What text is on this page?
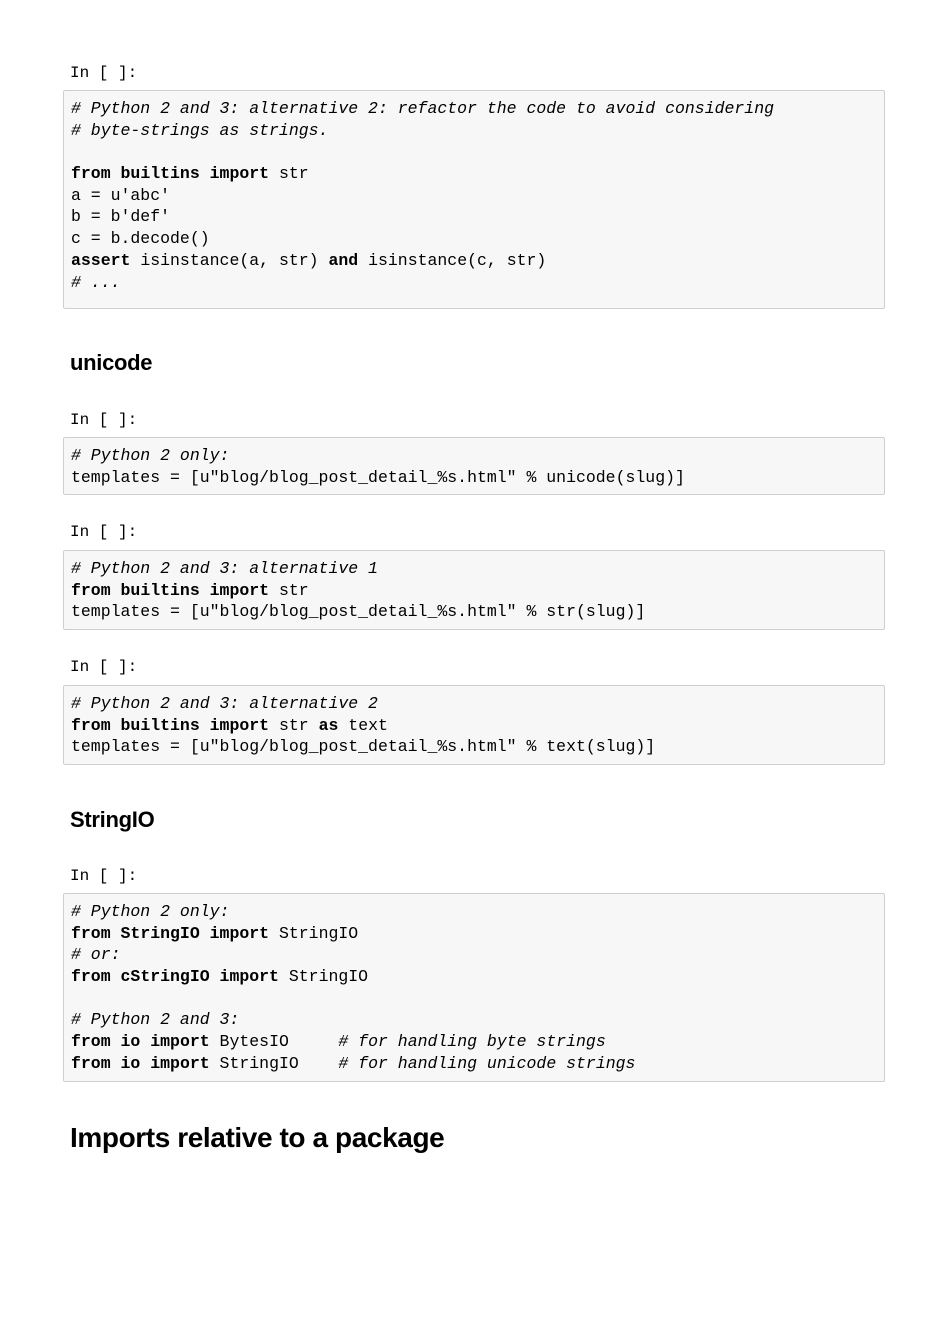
In [ ]:
# Python 2 and 3: alternative 2: refactor the code to avoid considering
# byte-strings as strings.

from builtins import str
a = u'abc'
b = b'def'
c = b.decode()
assert isinstance(a, str) and isinstance(c, str)
# ...
unicode
In [ ]:
# Python 2 only:
templates = [u"blog/blog_post_detail_%s.html" % unicode(slug)]
In [ ]:
# Python 2 and 3: alternative 1
from builtins import str
templates = [u"blog/blog_post_detail_%s.html" % str(slug)]
In [ ]:
# Python 2 and 3: alternative 2
from builtins import str as text
templates = [u"blog/blog_post_detail_%s.html" % text(slug)]
StringIO
In [ ]:
# Python 2 only:
from StringIO import StringIO
# or:
from cStringIO import StringIO

# Python 2 and 3:
from io import BytesIO     # for handling byte strings
from io import StringIO    # for handling unicode strings
Imports relative to a package
